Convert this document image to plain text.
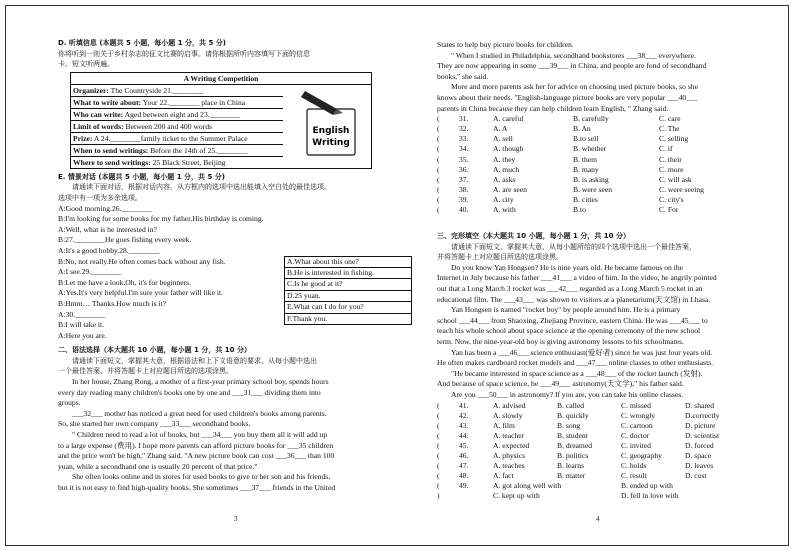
D. 听填信息 (本题共 5 小题，每小题 1 分，共 5 分)
你将听到一则关于乡村杂志的征文比赛的启事。请你根据所听内容填写下面的信息
卡。短文听两遍。
A Writing Competition
Organizer: The Countryside 21.________
What to write about: Your 22.________ place in China
Who can write: Aged between eight and 23.________
Limit of words: Between 200 and 400 words
Prize: A 24.________family ticket to the Summer Palace
When to send writings: Before the 14th of 25.________
Where to send writings: 25 Black Street, Beijing
English
Writing
E. 情景对话 (本题共 5 小题，每小题 1 分，共 5 分)
请通读下面对话，根据对话内容，从方框内的选项中选出能填入空白处的最佳选项。
选项中有一项为多余选项。
A:Good morning.26.________
B:I'm looking for some books for my father.His birthday is coming.
A:Well, what is he interested in?
B:27.________He goes fishing every week.
A:It's a good hobby.28.________
B:No, not really.He often comes back without any fish.
A:I see.29.________
B:Let me have a look.Oh, it's for beginners.
A:Yes.It's very helpful.I'm sure your father will like it.
B:Hmm… Thanks.How much is it?
A:30.________
B:I will take it.
A:Here you are.
A.What about this one?
B.He is interested in fishing.
C.Is he good at it?
D.25 yuan.
E.What can I do for you?
F.Thank you.
二、语法选择（本大题共 10 小题，每小题 1 分，共 10 分）
请通读下面短文，掌握其大意，根据语法和上下文语意的要求，从每小题中选出
一个最佳答案，并将答题卡上对应题目所选的选项涂黑。
In her house, Zhang Rong, a mother of a first-year primary school boy, spends hours
every day reading many children's books one by one and ___31___ dividing them into
groups.
___32___ mother has noticed a great need for used children's books among parents.
So, she started her own company ___33___ secondhand books.
" Children need to read a lot of books, but ___34___ you buy them all it will add up
to a large expense (费用). I hope more parents can afford picture books for ___35 children
and the price won't be high," Zhang said. "A new picture book can cost ___36___ than 100
yuan, while a secondhand one is usually 20 percent of that price."
She often looks online and in stores for used books to give to her son and his friends,
but it is not easy to find high-quality books. She sometimes ___37___ friends in the United
3
States to help buy picture books for children.
" When I studied in Philadelphia, secondhand bookstores ___38___ everywhere.
They are now appearing in some ___39___ in China, and people are fond of secondhand
books," she said.
More and more parents ask her for advice on choosing used picture books, so she
knows about their needs. "English-language picture books are very popular ___40___
parents in China because they can help children learn English, " Zhang said.
(	31.	A. careful	B. carefully	C. care
(	32.	A. A	B. An	C. The
(	33.	A. sell	B.to sell	C. selling
(	34.	A. though	B. whether	C. if
(	35.	A. they	B. them	C. their
(	36.	A. much	B. many	C. more
(	37.	A. asks	B. is asking	C. will ask
(	38.	A. are seen	B. were seen	C. were seeing
(	39.	A. city	B. cities	C. city's
(	40.	A. with	B.to	C. For
三、完形填空（本大题共 10 小题，每小题 1 分，共 10 分）
请通读下面短文，掌握其大意，从每小题所给的四个选项中选出一个最佳答案，
并将答题卡上对应题目所选的选项涂黑。
Do you know Yan Hongsen? He is nine years old. He became famous on the
Internet in July because his father ___41___ a video of him. In the video, he angrily pointed
out that a Long March 3 rocket was ___42___ regarded as a Long March 5 rocket in an
educational film. The ___43___ was shown to visitors at a planetarium(天文馆) in Lhasa.
Yan Hongsen is named "rocket boy" by people around him. He is a primary
school ___44___ from Shaoxing, Zhejiang Province, eastern China. He was ___45___ to
teach his whole school about space science at the opening ceremony of the new school
term. Now, the nine-year-old boy is giving astronomy lessons to his schoolmates.
Yan has been a ___46___ science enthusiast(爱好者) since he was just four years old.
He often makes cardboard rocket models and ___47___ online classes to other enthusiasts.
"He became interested in space science as a ___48___ of the rocket launch (发射).
And because of space science, he ___49___ astronomy(天文学)," his father said.
Are you ___50___ in astronomy? If you are, you can take his online classes.
(	41.	A. advised	B. called	C. missed	D. shared
(	42.	A. slowly	B. quickly	C. wrongly	D.correctly
(	43.	A. film	B. song	C. cartoon	D. picture
(	44.	A. teacher	B. student	C. doctor	D. scientist
(	45.	A. expected	B. dreamed	C. invited	D. forced
(	46.	A. physics	B. politics	C. geography	D. space
(	47.	A. teaches	B. learns	C. holds	D. leaves
(	48.	A. fact	B. matter	C. result	D. cost
(	49.	A. got along well with	B. ended up with
)	C. kept up with	D. fell in love with
4
